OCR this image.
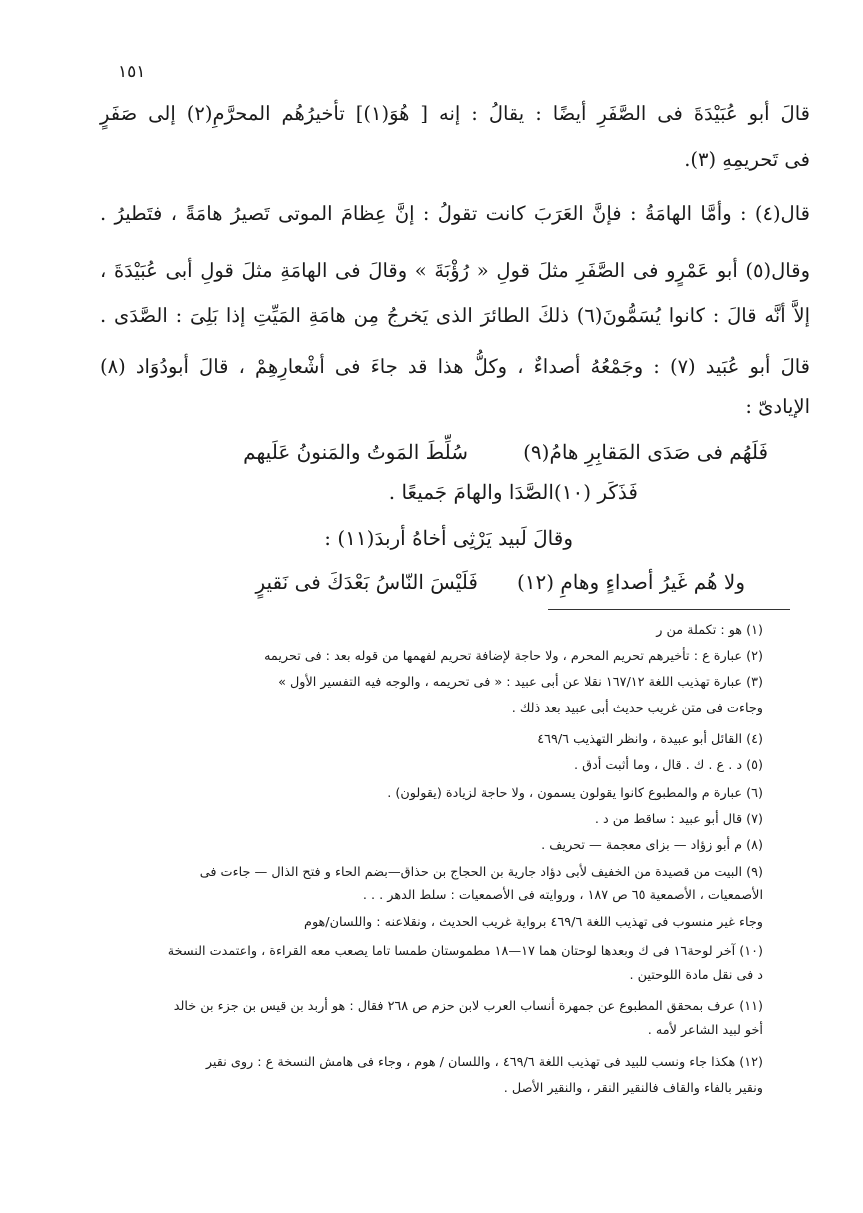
١٥١
قالَ أبو عُبَيْدَةَ فى الصَّفَرِ أيضًا : يقالُ : إنه [ هُوَ(١)] تأخيرُهُم المحرَّمِ(٢) إلى صَفَرٍ
فى تَحريمِهِ (٣).
قال(٤) : وأمَّا الهامَةُ : فإنَّ العَرَبَ كانت تقولُ : إنَّ عِظامَ الموتى تَصيرُ هامَةً ، فتَطيرُ .
وقال(٥) أبو عَمْرٍو فى الصَّفَرِ مثلَ قولِ « رُؤْبَةَ » وقالَ فى الهامَةِ مثلَ قولِ أبى عُبَيْدَةَ ،
إلاَّ أنَّه قالَ : كانوا يُسَمُّونَ(٦) ذلكَ الطائرَ الذى يَخرجُ مِن هامَةِ المَيِّتِ إذا بَلِىَ : الصَّدَى .
قالَ أبو عُبَيد (٧) : وجَمْعُهُ أصداءٌ ، وكلُّ هذا قد جاءَ فى أشْعارِهِمْ ، قالَ أبودُوَاد (٨)
الإيادىّ :
سُلِّطَ المَوتُ والمَنونُ عَلَيهم	فَلَهُم فى صَدَى المَقابِرِ هامُ(٩)
فَذَكَر (١٠)الصَّدَا والهامَ جَميعًا .
وقالَ لَبيد يَرْثِى أخاهُ أربدَ(١١) :
فَلَيْسَ النّاسُ بَعْدَكَ فى نَقيرٍ ولا هُم غَيرُ أصداءٍ وهامِ (١٢)
(١) هو : تكملة من ر
(٢) عبارة ع : تأخيرهم تحريم المحرم ، ولا حاجة لإضافة تحريم لفهمها من قوله بعد : فى تحريمه
(٣) عبارة تهذيب اللغة ١٦٧/١٢ نقلا عن أبى عبيد : « فى تحريمه ، والوجه فيه التفسير الأول »
وجاءت فى متن غريب حديث أبى عبيد بعد ذلك .
(٤) القائل أبو عبيدة ، وانظر التهذيب ٤٦٩/٦
(٥) د . ع . ك . قال ، وما أثبت أدق .
(٦) عبارة م والمطبوع كانوا يقولون يسمون ، ولا حاجة لزيادة (يقولون) .
(٧) قال أبو عبيد : ساقط من د .
(٨) م أبو زؤاد — بزاى معجمة — تحريف .
(٩) البيت من قصيدة من الخفيف لأبى دؤاد جارية بن الحجاج بن حذاق—بضم الحاء و فتح الذال — جاءت فى
الأصمعيات ، الأصمعية ٦٥ ص ١٨٧ ، وروايته فى الأصمعيات : سلط الدهر . . .
وجاء غير منسوب فى تهذيب اللغة ٤٦٩/٦ برواية غريب الحديث ، ونقلاعنه : واللسان/هوم
(١٠) آخر لوحة١٦ فى ك وبعدها لوحتان هما ١٧—١٨ مطموستان طمسا تاما يصعب معه القراءة ، واعتمدت النسخة
د فى نقل مادة اللوحتين .
(١١) عرف بمحقق المطبوع عن جمهرة أنساب العرب لابن حزم ص ٢٦٨ فقال : هو أربد بن قيس بن جزء بن خالد
أخو لبيد الشاعر لأمه .
(١٢) هكذا جاء ونسب للبيد فى تهذيب اللغة ٤٦٩/٦ ، واللسان / هوم ، وجاء فى هامش النسخة ع : روى نقير
ونقير بالفاء والقاف فالنقير النقر ، والنقير الأصل .
